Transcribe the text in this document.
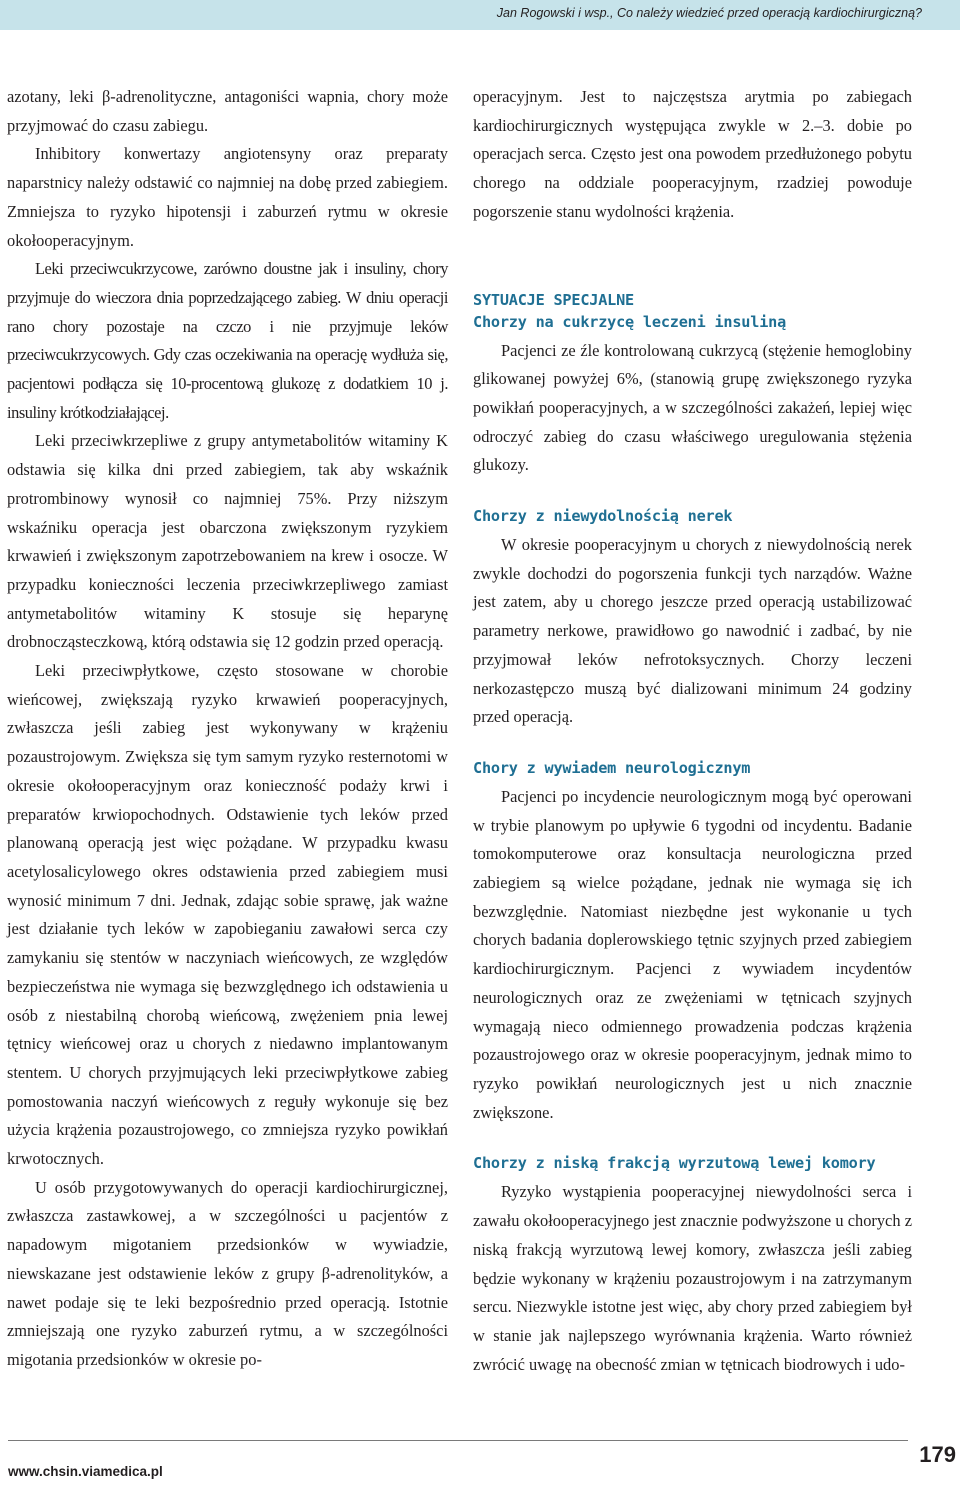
Jan Rogowski i wsp., Co należy wiedzieć przed operacją kardiochirurgiczną?

azotany, leki β-adrenolityczne, antagoniści wapnia, chory może przyjmować do czasu zabiegu.

Inhibitory konwertazy angiotensyny oraz preparaty naparstnicy należy odstawić co najmniej na dobę przed zabiegiem. Zmniejsza to ryzyko hipotensji i zaburzeń rytmu w okresie okołooperacyjnym.

Leki przeciwcukrzycowe, zarówno doustne jak i insuliny, chory przyjmuje do wieczora dnia poprzedzającego zabieg. W dniu operacji rano chory pozostaje na czczo i nie przyjmuje leków przeciwcukrzycowych. Gdy czas oczekiwania na operację wydłuża się, pacjentowi podłącza się 10-procentową glukozę z dodatkiem 10 j. insuliny krótkodziałającej.

Leki przeciwkrzepliwe z grupy antymetabolitów witaminy K odstawia się kilka dni przed zabiegiem, tak aby wskaźnik protrombinowy wynosił co najmniej 75%. Przy niższym wskaźniku operacja jest obarczona zwiększonym ryzykiem krwawień i zwiększonym zapotrzebowaniem na krew i osocze. W przypadku konieczności leczenia przeciwkrzepliwego zamiast antymetabolitów witaminy K stosuje się heparynę drobnocząsteczkową, którą odstawia się 12 godzin przed operacją.

Leki przeciwpłytkowe, często stosowane w chorobie wieńcowej, zwiększają ryzyko krwawień pooperacyjnych, zwłaszcza jeśli zabieg jest wykonywany w krążeniu pozaustrojowym. Zwiększa się tym samym ryzyko resternotomi w okresie okołooperacyjnym oraz konieczność podaży krwi i preparatów krwiopochodnych. Odstawienie tych leków przed planowaną operacją jest więc pożądane. W przypadku kwasu acetylosalicylowego okres odstawienia przed zabiegiem musi wynosić minimum 7 dni. Jednak, zdając sobie sprawę, jak ważne jest działanie tych leków w zapobieganiu zawałowi serca czy zamykaniu się stentów w naczyniach wieńcowych, ze względów bezpieczeństwa nie wymaga się bezwzględnego ich odstawienia u osób z niestabilną chorobą wieńcową, zwężeniem pnia lewej tętnicy wieńcowej oraz u chorych z niedawno implantowanym stentem. U chorych przyjmujących leki przeciwpłytkowe zabieg pomostowania naczyń wieńcowych z reguły wykonuje się bez użycia krążenia pozaustrojowego, co zmniejsza ryzyko powikłań krwotocznych.

U osób przygotowywanych do operacji kardiochirurgicznej, zwłaszcza zastawkowej, a w szczególności u pacjentów z napadowym migotaniem przedsionków w wywiadzie, niewskazane jest odstawienie leków z grupy β-adrenolityków, a nawet podaje się te leki bezpośrednio przed operacją. Istotnie zmniejszają one ryzyko zaburzeń rytmu, a w szczególności migotania przedsionków w okresie po-

operacyjnym. Jest to najczęstsza arytmia po zabiegach kardiochirurgicznych występująca zwykle w 2.–3. dobie po operacjach serca. Często jest ona powodem przedłużonego pobytu chorego na oddziale pooperacyjnym, rzadziej powoduje pogorszenie stanu wydolności krążenia.

SYTUACJE SPECJALNE
Chorzy na cukrzycę leczeni insuliną

Pacjenci ze źle kontrolowaną cukrzycą (stężenie hemoglobiny glikowanej powyżej 6%, (stanowią grupę zwiększonego ryzyka powikłań pooperacyjnych, a w szczególności zakażeń, lepiej więc odroczyć zabieg do czasu właściwego uregulowania stężenia glukozy.

Chorzy z niewydolnością nerek

W okresie pooperacyjnym u chorych z niewydolnością nerek zwykle dochodzi do pogorszenia funkcji tych narządów. Ważne jest zatem, aby u chorego jeszcze przed operacją ustabilizować parametry nerkowe, prawidłowo go nawodnić i zadbać, by nie przyjmował leków nefrotoksycznych. Chorzy leczeni nerkozastępczo muszą być dializowani minimum 24 godziny przed operacją.

Chory z wywiadem neurologicznym

Pacjenci po incydencie neurologicznym mogą być operowani w trybie planowym po upływie 6 tygodni od incydentu. Badanie tomokomputerowe oraz konsultacja neurologiczna przed zabiegiem są wielce pożądane, jednak nie wymaga się ich bezwzględnie. Natomiast niezbędne jest wykonanie u tych chorych badania doplerowskiego tętnic szyjnych przed zabiegiem kardiochirurgicznym. Pacjenci z wywiadem incydentów neurologicznych oraz ze zwężeniami w tętnicach szyjnych wymagają nieco odmiennego prowadzenia podczas krążenia pozaustrojowego oraz w okresie pooperacyjnym, jednak mimo to ryzyko powikłań neurologicznych jest u nich znacznie zwiększone.

Chorzy z niską frakcją wyrzutową lewej komory

Ryzyko wystąpienia pooperacyjnej niewydolności serca i zawału okołooperacyjnego jest znacznie podwyższone u chorych z niską frakcją wyrzutową lewej komory, zwłaszcza jeśli zabieg będzie wykonany w krążeniu pozaustrojowym i na zatrzymanym sercu. Niezwykle istotne jest więc, aby chory przed zabiegiem był w stanie jak najlepszego wyrównania krążenia. Warto również zwrócić uwagę na obecność zmian w tętnicach biodrowych i udo-

www.chsin.viamedica.pl
179
